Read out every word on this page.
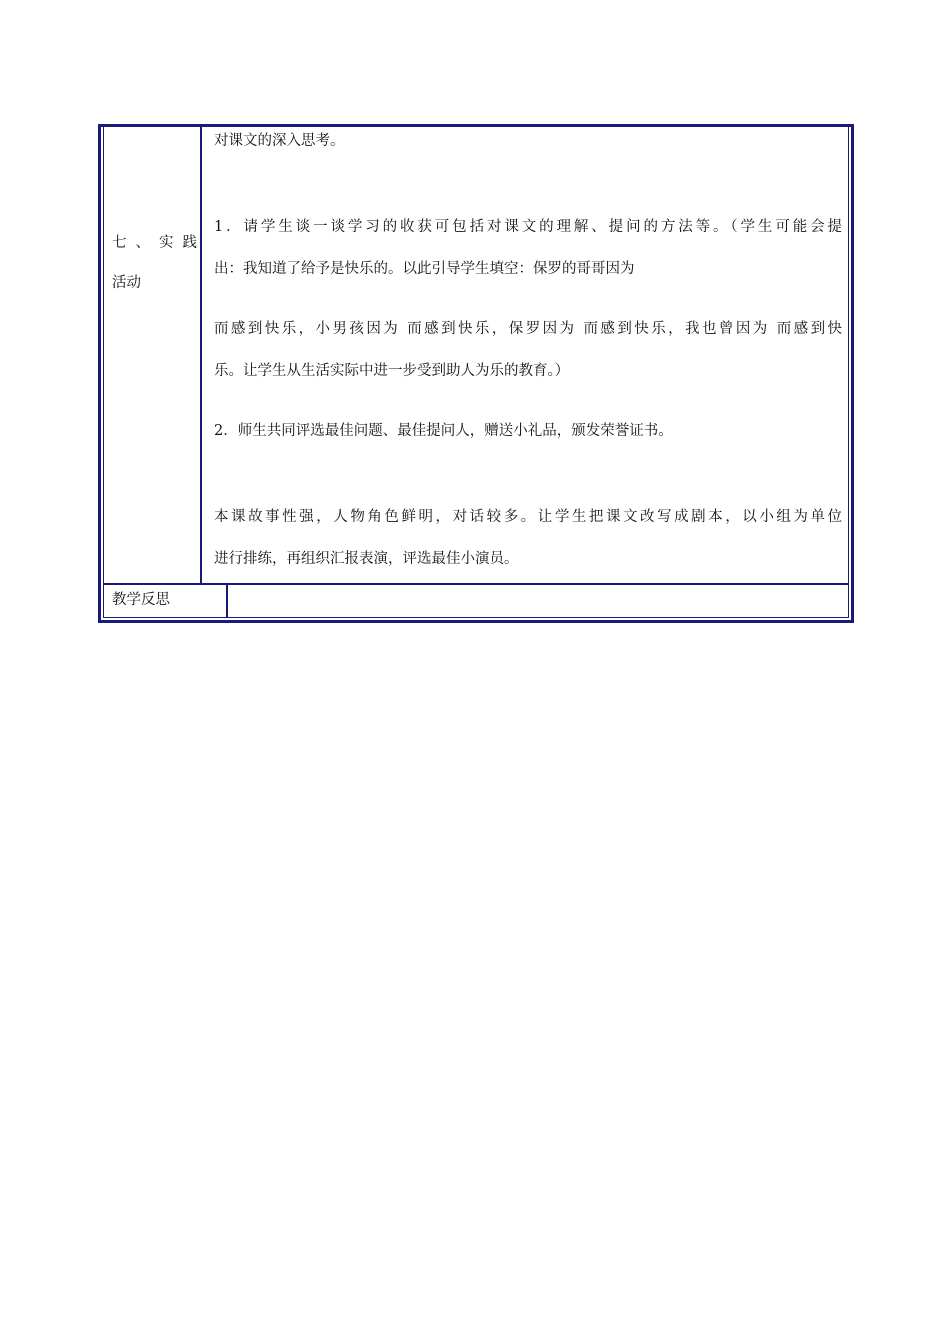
七、实践
活动
对课文的深入思考。
1．请学生谈一谈学习的收获可包括对课文的理解、提问的方法等。（学生可能会提
出：我知道了给予是快乐的。以此引导学生填空：保罗的哥哥因为
而感到快乐，小男孩因为 而感到快乐，保罗因为 而感到快乐，我也曾因为 而感到快
乐。让学生从生活实际中进一步受到助人为乐的教育。）
2．师生共同评选最佳问题、最佳提问人，赠送小礼品，颁发荣誉证书。
本课故事性强，人物角色鲜明，对话较多。让学生把课文改写成剧本，以小组为单位
进行排练，再组织汇报表演，评选最佳小演员。
教学反思
